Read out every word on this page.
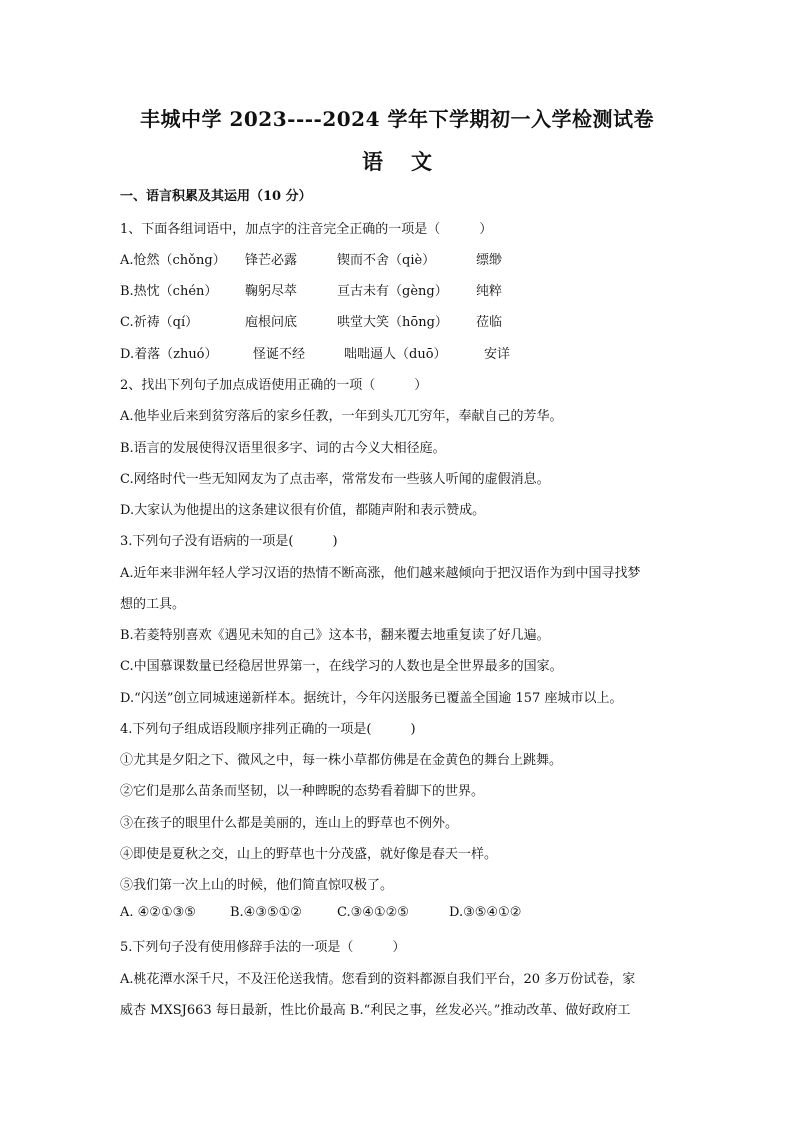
丰城中学 2023----2024 学年下学期初一入学检测试卷
语文
一、语言积累及其运用（10 分）
1、下面各组词语中，加点字的注音完全正确的一项是（　　　）
A.怆然（chǒng） 锋芒必露	锲而不舍（qiè）	缥缈
B.热忱（chén） 鞠躬尽萃	亘古未有（gèng） 纯粹
C.祈祷（qí）	庖根问底	哄堂大笑（hōng） 莅临
D.着落（zhuó）	怪诞不经	咄咄逼人（duō）	安详
2、找出下列句子加点成语使用正确的一项（　　　）
A.他毕业后来到贫穷落后的家乡任教，一年到头兀兀穷年，奉献自己的芳华。
B.语言的发展使得汉语里很多字、词的古今义大相径庭。
C.网络时代一些无知网友为了点击率，常常发布一些骇人听闻的虚假消息。
D.大家认为他提出的这条建议很有价值，都随声附和表示赞成。
3.下列句子没有语病的一项是(　　　)
A.近年来非洲年轻人学习汉语的热情不断高涨，他们越来越倾向于把汉语作为到中国寻找梦
想的工具。
B.若菱特别喜欢《遇见未知的自己》这本书，翻来覆去地重复读了好几遍。
C.中国慕课数量已经稳居世界第一，在线学习的人数也是全世界最多的国家。
D.“闪送”创立同城速递新样本。据统计，今年闪送服务已覆盖全国逾 157 座城市以上。
4.下列句子组成语段顺序排列正确的一项是(　　　)
①尤其是夕阳之下、微风之中，每一株小草都仿佛是在金黄色的舞台上跳舞。
②它们是那么苗条而坚韧，以一种睥睨的态势看着脚下的世界。
③在孩子的眼里什么都是美丽的，连山上的野草也不例外。
④即使是夏秋之交，山上的野草也十分茂盛，就好像是春天一样。
⑤我们第一次上山的时候，他们简直惊叹极了。
A. ④②①③⑤	B.④③⑤①②	C.③④①②⑤	D.③⑤④①②
5.下列句子没有使用修辞手法的一项是（　　　）
A.桃花潭水深千尺，不及汪伦送我情。您看到的资料都源自我们平台，20 多万份试卷，家
威杏 MXSJ663 每日最新，性比价最高 B.“利民之事，丝发必兴。”推动改革、做好政府工
